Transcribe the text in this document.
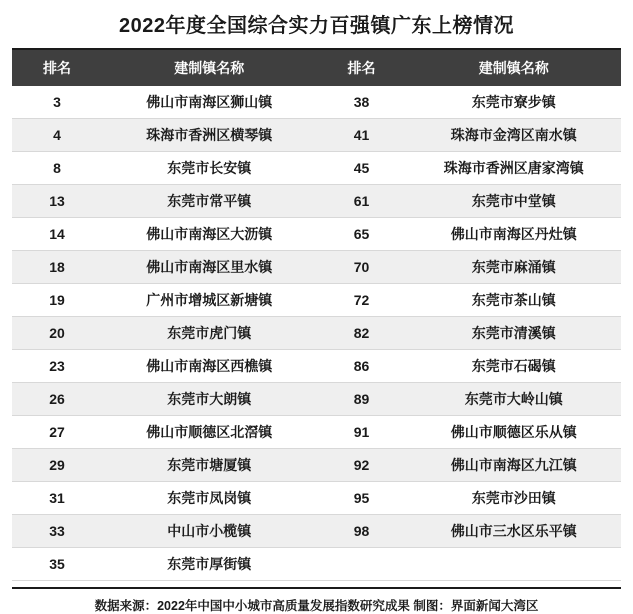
2022年度全国综合实力百强镇广东上榜情况
排名	建制镇名称	排名	建制镇名称
3	佛山市南海区狮山镇	38	东莞市寮步镇
4	珠海市香洲区横琴镇	41	珠海市金湾区南水镇
8	东莞市长安镇	45	珠海市香洲区唐家湾镇
13	东莞市常平镇	61	东莞市中堂镇
14	佛山市南海区大沥镇	65	佛山市南海区丹灶镇
18	佛山市南海区里水镇	70	东莞市麻涌镇
19	广州市增城区新塘镇	72	东莞市茶山镇
20	东莞市虎门镇	82	东莞市清溪镇
23	佛山市南海区西樵镇	86	东莞市石碣镇
26	东莞市大朗镇	89	东莞市大岭山镇
27	佛山市顺德区北滘镇	91	佛山市顺德区乐从镇
29	东莞市塘厦镇	92	佛山市南海区九江镇
31	东莞市凤岗镇	95	东莞市沙田镇
33	中山市小榄镇	98	佛山市三水区乐平镇
35	东莞市厚街镇		
数据来源：2022年中国中小城市高质量发展指数研究成果 制图：界面新闻大湾区
